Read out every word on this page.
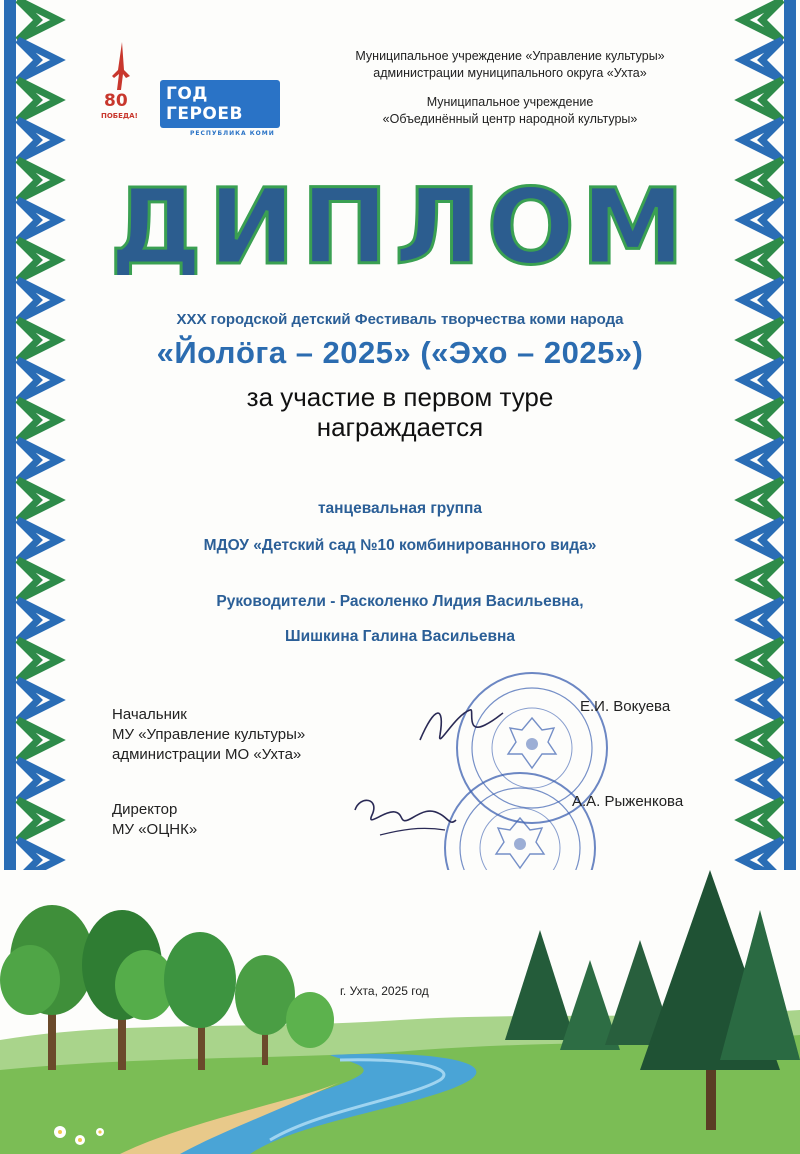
80
ПОБЕДА!
ГОД ГЕРОЕВ
РЕСПУБЛИКА КОМИ
Муниципальное учреждение «Управление культуры»
администрации муниципального округа «Ухта»
Муниципальное учреждение
«Объединённый центр народной культуры»
ДИПЛОМ
XXX городской детский Фестиваль творчества коми народа
«Йолöга – 2025» («Эхо – 2025»)
за участие в первом туре
награждается
танцевальная группа
МДОУ «Детский сад №10 комбинированного вида»
Руководители - Расколенко Лидия Васильевна,
Шишкина Галина Васильевна
Начальник
МУ «Управление культуры»
администрации МО «Ухта»
Е.И. Вокуева
Директор
МУ «ОЦНК»
А.А. Рыженкова
г. Ухта, 2025 год
